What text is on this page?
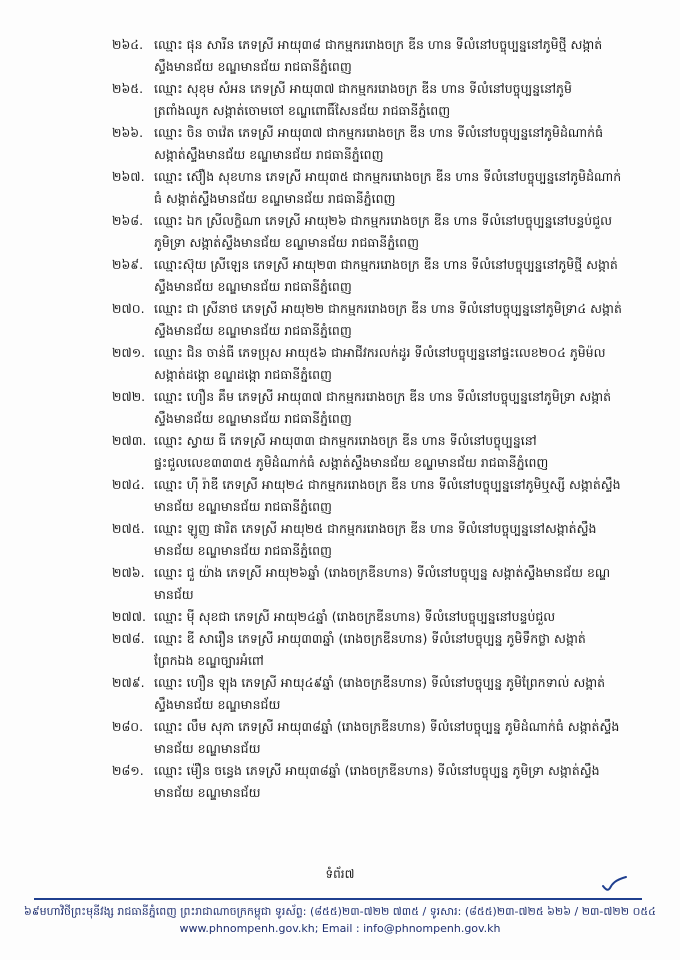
២៦៤. ឈ្មោះ ផុន សារីន ភេទស្រី អាយុ៣៨ ជាកម្មកររោងចក្រ ឌីន ហាន ទីលំនៅបច្ចុប្បន្ននៅភូមិថ្មី សង្កាត់ស្ទឹងមានជ័យ ខណ្ឌមានជ័យ រាជធានីភ្នំពេញ
២៦៥. ឈ្មោះ សុខុម សំអន ភេទស្រី អាយុ៣៧ ជាកម្មកររោងចក្រ ឌីន ហាន ទីលំនៅបច្ចុប្បន្ននៅភូមិត្រពាំងឈូក សង្កាត់ចោមចៅ ខណ្ឌពោធិ៍សែនជ័យ រាជធានីភ្នំពេញ
២៦៦. ឈ្មោះ ចិន ចាវ៉េត ភេទស្រី អាយុ៣៧ ជាកម្មកររោងចក្រ ឌីន ហាន ទីលំនៅបច្ចុប្បន្ននៅភូមិដំណាក់ធំ សង្កាត់ស្ទឹងមានជ័យ ខណ្ឌមានជ័យ រាជធានីភ្នំពេញ
២៦៧. ឈ្មោះ ស៊ឿង សុខហាន ភេទស្រី អាយុ៣៥ ជាកម្មកររោងចក្រ ឌីន ហាន ទីលំនៅបច្ចុប្បន្ននៅភូមិដំណាក់ធំ សង្កាត់ស្ទឹងមានជ័យ ខណ្ឌមានជ័យ រាជធានីភ្នំពេញ
២៦៨. ឈ្មោះ ឯក ស្រីលក្ខិណា ភេទស្រី អាយុ២៦ ជាកម្មកររោងចក្រ ឌីន ហាន ទីលំនៅបច្ចុប្បន្ននៅបន្ទប់ជួល ភូមិទ្រា សង្កាត់ស្ទឹងមានជ័យ ខណ្ឌមានជ័យ រាជធានីភ្នំពេញ
២៦៩. ឈ្មោះស៊ុយ ស្រីឡេន ភេទស្រី អាយុ២៣ ជាកម្មកររោងចក្រ ឌីន ហាន ទីលំនៅបច្ចុប្បន្ននៅភូមិថ្មី សង្កាត់ស្ទឹងមានជ័យ ខណ្ឌមានជ័យ រាជធានីភ្នំពេញ
២៧០. ឈ្មោះ ជា ស្រីនាថ ភេទស្រី អាយុ២២ ជាកម្មកររោងចក្រ ឌីន ហាន ទីលំនៅបច្ចុប្បន្ននៅភូមិទ្រា៤ សង្កាត់ស្ទឹងមានជ័យ ខណ្ឌមានជ័យ រាជធានីភ្នំពេញ
២៧១. ឈ្មោះ ជិន ចាន់ធី ភេទប្រុស អាយុ៥៦ ជាអាជីវករលក់ដូរ ទីលំនៅបច្ចុប្បន្ននៅផ្ទះលេខ២០៤ ភូមិម៉ល សង្កាត់ដង្កោ ខណ្ឌដង្កោ រាជធានីភ្នំពេញ
២៧២. ឈ្មោះ ហឿន គឹម ភេទស្រី អាយុ៣៧ ជាកម្មកររោងចក្រ ឌីន ហាន ទីលំនៅបច្ចុប្បន្ននៅភូមិទ្រា សង្កាត់ស្ទឹងមានជ័យ ខណ្ឌមានជ័យ រាជធានីភ្នំពេញ
២៧៣. ឈ្មោះ ស្វាយ ធី ភេទស្រី អាយុ៣៣ ជាកម្មកររោងចក្រ ឌីន ហាន ទីលំនៅបច្ចុប្បន្ននៅផ្ទះជួលលេខ៣៣៣៥ ភូមិដំណាក់ធំ សង្កាត់ស្ទឹងមានជ័យ ខណ្ឌមានជ័យ រាជធានីភ្នំពេញ
២៧៤. ឈ្មោះ ហ៊ី រ៉ាឌី ភេទស្រី អាយុ២៤ ជាកម្មកររោងចក្រ ឌីន ហាន ទីលំនៅបច្ចុប្បន្ននៅភូមិឬស្សី សង្កាត់ស្ទឹងមានជ័យ ខណ្ឌមានជ័យ រាជធានីភ្នំពេញ
២៧៥. ឈ្មោះ ឡូញ ផារិត ភេទស្រី អាយុ២៥ ជាកម្មកររោងចក្រ ឌីន ហាន ទីលំនៅបច្ចុប្បន្ននៅសង្កាត់ស្ទឹងមានជ័យ ខណ្ឌមានជ័យ រាជធានីភ្នំពេញ
២៧៦. ឈ្មោះ ជួ យ៉ាង ភេទស្រី អាយុ២៦ឆ្នាំ (រោងចក្រឌីនហាន) ទីលំនៅបច្ចុប្បន្ន សង្កាត់ស្ទឹងមានជ័យ ខណ្ឌមានជ័យ
២៧៧. ឈ្មោះ ម៉ី សុខជា ភេទស្រី អាយុ២៤ឆ្នាំ (រោងចក្រឌីនហាន) ទីលំនៅបច្ចុប្បន្ននៅបន្ទប់ជួល
២៧៨. ឈ្មោះ ឌី សារឿន ភេទស្រី អាយុ៣៣ឆ្នាំ (រោងចក្រឌីនហាន) ទីលំនៅបច្ចុប្បន្ន ភូមិទឹកថ្លា សង្កាត់ព្រែកឯង ខណ្ឌច្បារអំពៅ
២៧៩. ឈ្មោះ ហឿន ឡុង ភេទស្រី អាយុ៤៩ឆ្នាំ (រោងចក្រឌីនហាន) ទីលំនៅបច្ចុប្បន្ន ភូមិព្រែកទាល់ សង្កាត់ស្ទឹងមានជ័យ ខណ្ឌមានជ័យ
២៨០. ឈ្មោះ លឹម សុភា ភេទស្រី អាយុ៣៨ឆ្នាំ (រោងចក្រឌីនហាន) ទីលំនៅបច្ចុប្បន្ន ភូមិដំណាក់ធំ សង្កាត់ស្ទឹងមានជ័យ ខណ្ឌមានជ័យ
២៨១. ឈ្មោះ ម៉ឿន ចន្ធេង ភេទស្រី អាយុ៣៨ឆ្នាំ (រោងចក្រឌីនហាន) ទីលំនៅបច្ចុប្បន្ន ភូមិទ្រា សង្កាត់ស្ទឹងមានជ័យ ខណ្ឌមានជ័យ
ទំព័រ៧
៦៩មហាវិថីព្រះមុនីវង្ស រាជធានីភ្នំពេញ ព្រះរាជាណាចក្រកម្ពុជា ទូរស័ព្ទ: (៨៥៥)២៣-៧២២ ៧៣៥ / ទូរសារ: (៨៥៥)២៣-៧២៥ ៦២៦ / ២៣-៧២២ ០៥៤
www.phnompenh.gov.kh; Email : info@phnompenh.gov.kh
